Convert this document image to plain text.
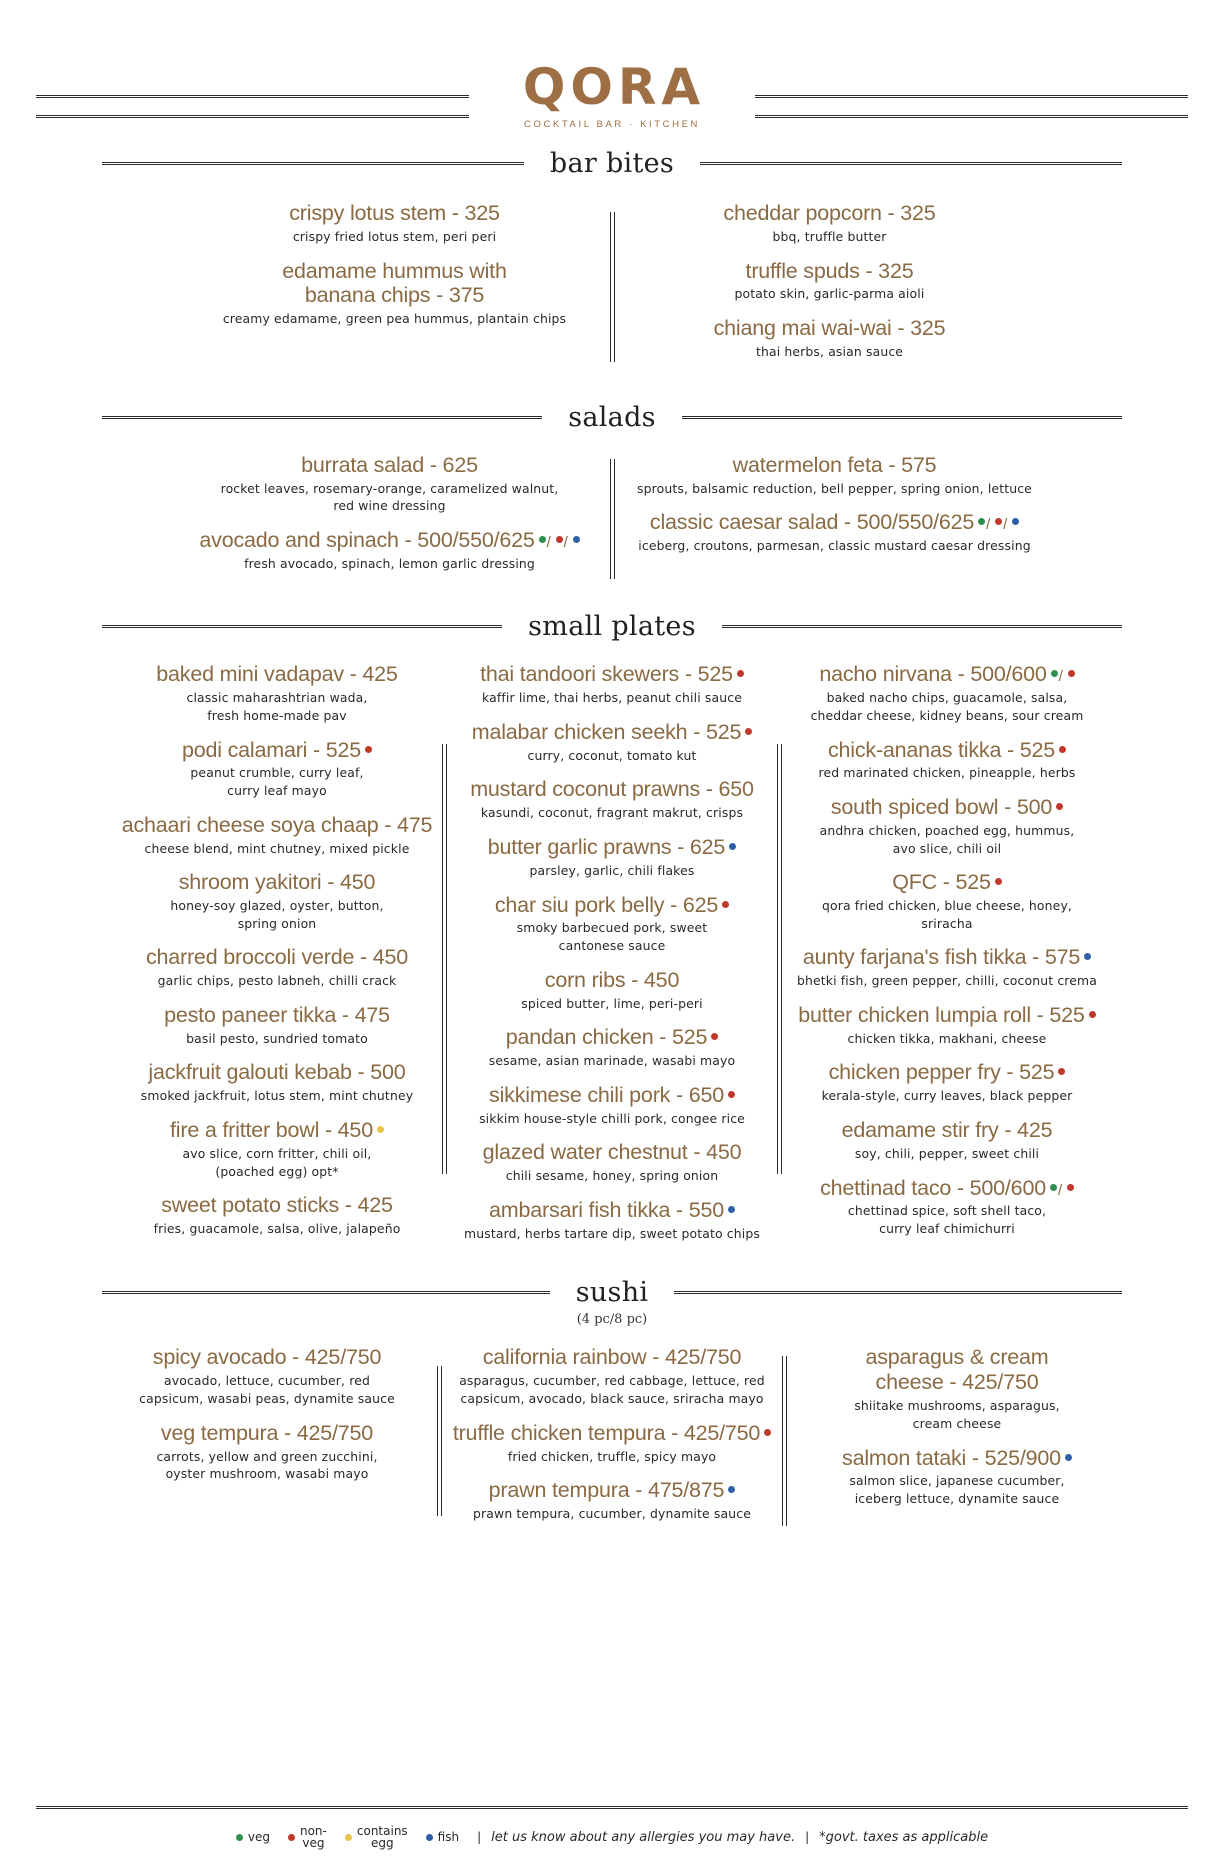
QORA
COCKTAIL BAR · KITCHEN
bar bites
crispy lotus stem - 325
crispy fried lotus stem, peri peri
edamame hummus with
banana chips - 375
creamy edamame, green pea hummus, plantain chips
cheddar popcorn - 325
bbq, truffle butter
truffle spuds - 325
potato skin, garlic-parma aioli
chiang mai wai-wai - 325
thai herbs, asian sauce
salads
burrata salad - 625
rocket leaves, rosemary-orange, caramelized walnut,
red wine dressing
avocado and spinach - 500/550/625 / /
fresh avocado, spinach, lemon garlic dressing
watermelon feta - 575
sprouts, balsamic reduction, bell pepper, spring onion, lettuce
classic caesar salad - 500/550/625 / /
iceberg, croutons, parmesan, classic mustard caesar dressing
small plates
baked mini vadapav - 425
classic maharashtrian wada,
fresh home-made pav
podi calamari - 525
peanut crumble, curry leaf,
curry leaf mayo
achaari cheese soya chaap - 475
cheese blend, mint chutney, mixed pickle
shroom yakitori - 450
honey-soy glazed, oyster, button,
spring onion
charred broccoli verde - 450
garlic chips, pesto labneh, chilli crack
pesto paneer tikka - 475
basil pesto, sundried tomato
jackfruit galouti kebab - 500
smoked jackfruit, lotus stem, mint chutney
fire a fritter bowl - 450
avo slice, corn fritter, chili oil,
(poached egg) opt*
sweet potato sticks - 425
fries, guacamole, salsa, olive, jalapeño
thai tandoori skewers - 525
kaffir lime, thai herbs, peanut chili sauce
malabar chicken seekh - 525
curry, coconut, tomato kut
mustard coconut prawns - 650
kasundi, coconut, fragrant makrut, crisps
butter garlic prawns - 625
parsley, garlic, chili flakes
char siu pork belly - 625
smoky barbecued pork, sweet
cantonese sauce
corn ribs - 450
spiced butter, lime, peri-peri
pandan chicken - 525
sesame, asian marinade, wasabi mayo
sikkimese chili pork - 650
sikkim house-style chilli pork, congee rice
glazed water chestnut - 450
chili sesame, honey, spring onion
ambarsari fish tikka - 550
mustard, herbs tartare dip, sweet potato chips
nacho nirvana - 500/600 /
baked nacho chips, guacamole, salsa,
cheddar cheese, kidney beans, sour cream
chick-ananas tikka - 525
red marinated chicken, pineapple, herbs
south spiced bowl - 500
andhra chicken, poached egg, hummus,
avo slice, chili oil
QFC - 525
qora fried chicken, blue cheese, honey,
sriracha
aunty farjana's fish tikka - 575
bhetki fish, green pepper, chilli, coconut crema
butter chicken lumpia roll - 525
chicken tikka, makhani, cheese
chicken pepper fry - 525
kerala-style, curry leaves, black pepper
edamame stir fry - 425
soy, chili, pepper, sweet chili
chettinad taco - 500/600 /
chettinad spice, soft shell taco,
curry leaf chimichurri
sushi
(4 pc/8 pc)
spicy avocado - 425/750
avocado, lettuce, cucumber, red
capsicum, wasabi peas, dynamite sauce
veg tempura - 425/750
carrots, yellow and green zucchini,
oyster mushroom, wasabi mayo
california rainbow - 425/750
asparagus, cucumber, red cabbage, lettuce, red
capsicum, avocado, black sauce, sriracha mayo
truffle chicken tempura - 425/750
fried chicken, truffle, spicy mayo
prawn tempura - 475/875
prawn tempura, cucumber, dynamite sauce
asparagus & cream
cheese - 425/750
shiitake mushrooms, asparagus,
cream cheese
salmon tataki - 525/900
salmon slice, japanese cucumber,
iceberg lettuce, dynamite sauce
veg	non-
veg
contains
egg	fish | let us know about any allergies you may have. | *govt. taxes as applicable
